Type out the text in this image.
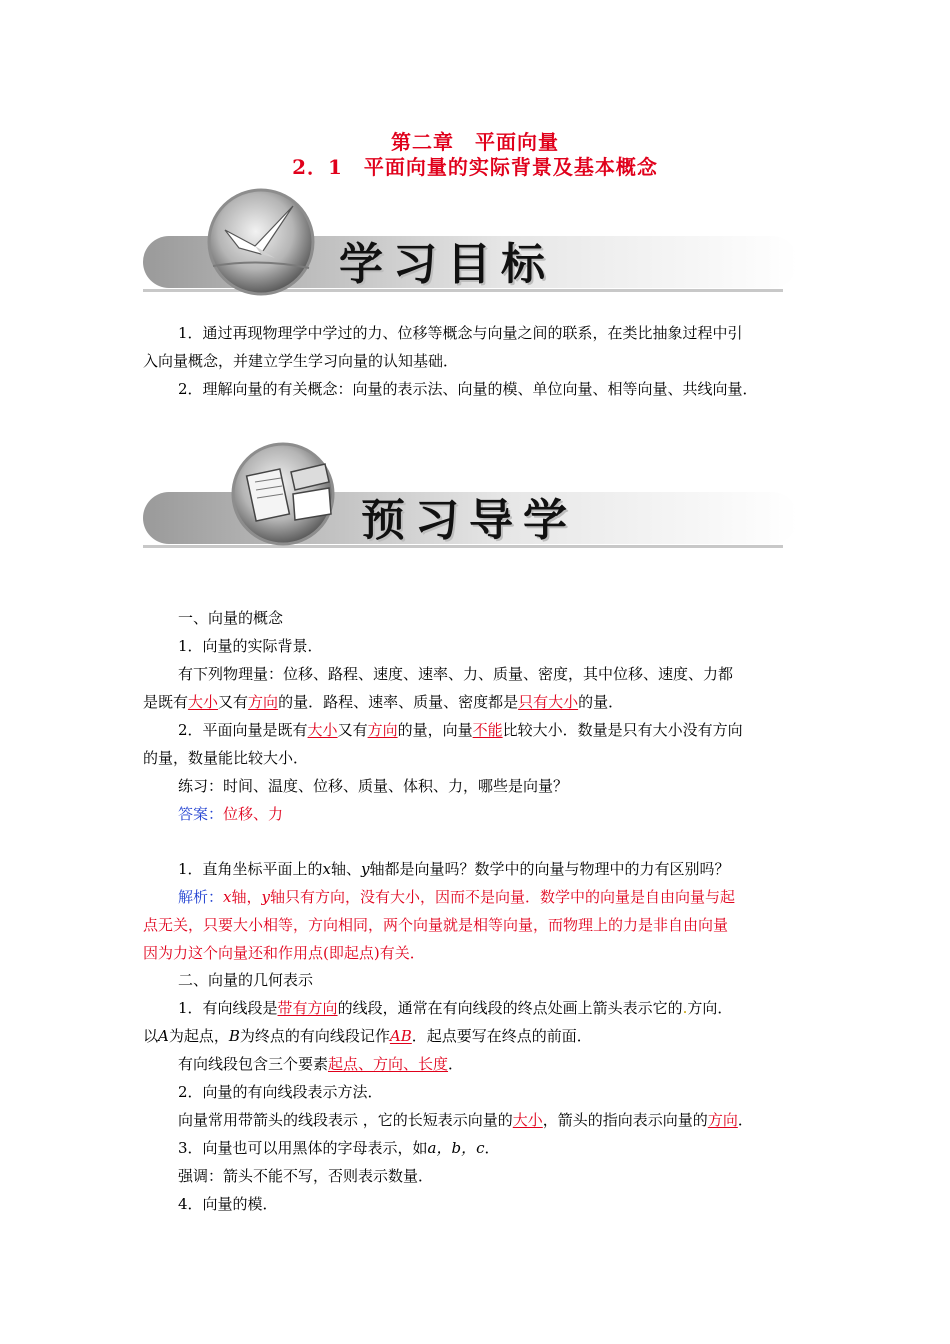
第二章　平面向量
2．1　平面向量的实际背景及基本概念
学习目标
1．通过再现物理学中学过的力、位移等概念与向量之间的联系，在类比抽象过程中引
入向量概念，并建立学生学习向量的认知基础．
2．理解向量的有关概念：向量的表示法、向量的模、单位向量、相等向量、共线向量．
预习导学
一、向量的概念
1．向量的实际背景．
有下列物理量：位移、路程、速度、速率、力、质量、密度，其中位移、速度、力都
是既有大小又有方向的量．路程、速率、质量、密度都是只有大小的量．
2．平面向量是既有大小又有方向的量，向量不能比较大小．数量是只有大小没有方向
的量，数量能比较大小．
练习：时间、温度、位移、质量、体积、力，哪些是向量？
答案：位移、力
1．直角坐标平面上的x轴、y轴都是向量吗？数学中的向量与物理中的力有区别吗？
解析：x轴，y轴只有方向，没有大小，因而不是向量．数学中的向量是自由向量与起
点无关，只要大小相等，方向相同，两个向量就是相等向量，而物理上的力是非自由向量
因为力这个向量还和作用点(即起点)有关．
二、向量的几何表示
1．有向线段是带有方向的线段，通常在有向线段的终点处画上箭头表示它的.方向．
以A为起点，B为终点的有向线段记作AB．起点要写在终点的前面．
有向线段包含三个要素起点、方向、长度．
2．向量的有向线段表示方法．
向量常用带箭头的线段表示 ，它的长短表示向量的大小，箭头的指向表示向量的方向．
3．向量也可以用黑体的字母表示，如a，b，c．
强调：箭头不能不写，否则表示数量．
4．向量的模．
